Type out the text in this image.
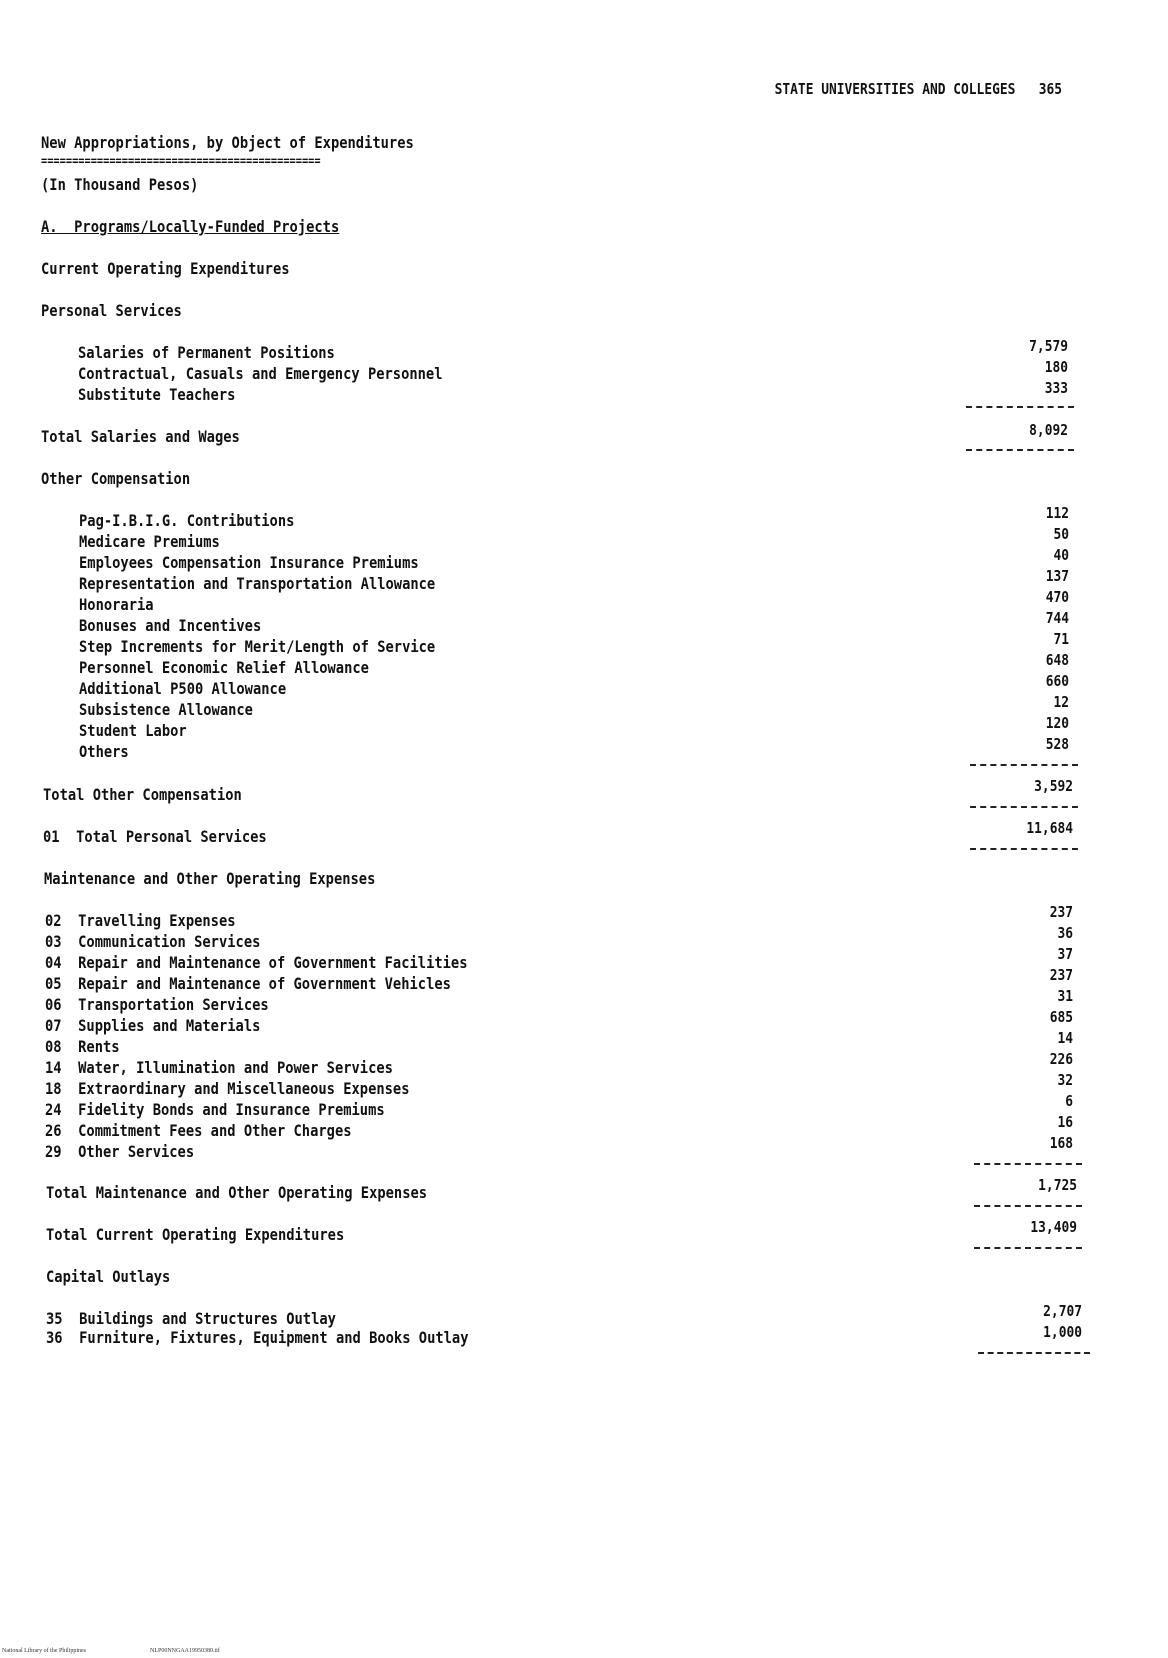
STATE UNIVERSITIES AND COLLEGES 365

New Appropriations, by Object of Expenditures
=============================================
(In Thousand Pesos)
A.  Programs/Locally-Funded Projects
Current Operating Expenditures
Personal Services
Salaries of Permanent Positions	7,579
Contractual, Casuals and Emergency Personnel	180
Substitute Teachers	333
Total Salaries and Wages	8,092
Other Compensation
Pag-I.B.I.G. Contributions	112
Medicare Premiums	50
Employees Compensation Insurance Premiums	40
Representation and Transportation Allowance	137
Honoraria	470
Bonuses and Incentives	744
Step Increments for Merit/Length of Service	71
Personnel Economic Relief Allowance	648
Additional P500 Allowance	660
Subsistence Allowance	12
Student Labor	120
Others	528
Total Other Compensation	3,592
01 Total Personal Services	11,684
Maintenance and Other Operating Expenses
02 Travelling Expenses	237
03 Communication Services	36
04 Repair and Maintenance of Government Facilities	37
05 Repair and Maintenance of Government Vehicles	237
06 Transportation Services	31
07 Supplies and Materials	685
08 Rents	14
14 Water, Illumination and Power Services	226
18 Extraordinary and Miscellaneous Expenses	32
24 Fidelity Bonds and Insurance Premiums	6
26 Commitment Fees and Other Charges	16
29 Other Services	168
Total Maintenance and Other Operating Expenses	1,725
Total Current Operating Expenditures	13,409
Capital Outlays
35 Buildings and Structures Outlay	2,707
36 Furniture, Fixtures, Equipment and Books Outlay	1,000
National Library of the Philippines	NLP00NNGAA19950380.tif
